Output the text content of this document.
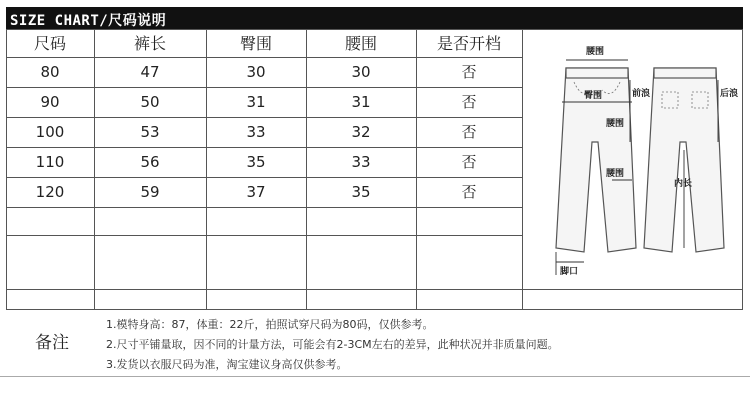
SIZE CHART/尺码说明
尺码	裤长	臀围	腰围	是否开档
80	47	30	30	否
90	50	31	31	否
100	53	33	32	否
110	56	35	33	否
120	59	37	35	否
腰围
臀围	前浪
腰围
腰围
后浪
内长
脚口
备注
1.模特身高：87，体重：22斤，拍照试穿尺码为80码，仅供参考。
2.尺寸平铺量取，因不同的计量方法，可能会有2-3CM左右的差异，此种状况并非质量问题。
3.发货以衣服尺码为准，淘宝建议身高仅供参考。
